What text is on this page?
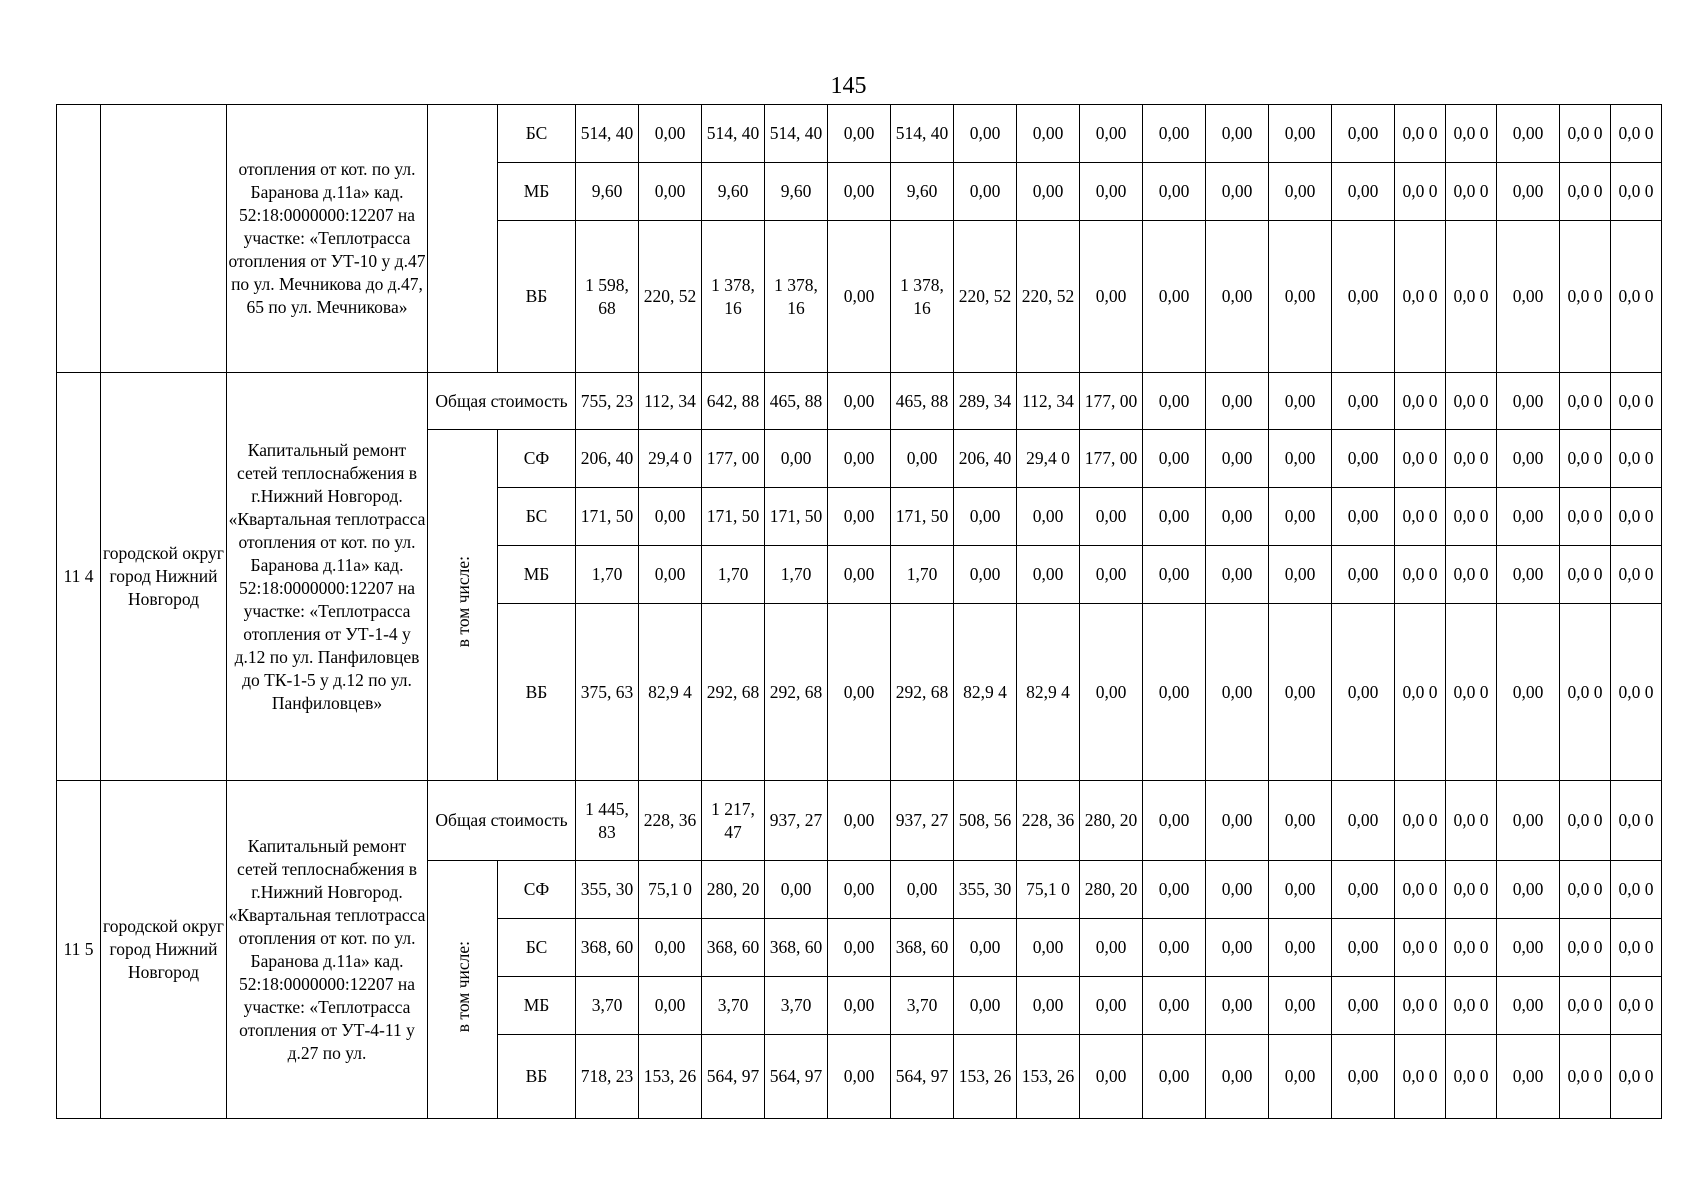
145
		отопления от кот. по ул. Баранова д.11а» кад. 52:18:0000000:12207 на участке: «Теплотрасса отопления от УТ-10 у д.47 по ул. Мечникова до д.47, 65 по ул. Мечникова»		БС	514, 40	0,00	514, 40	514, 40	0,00	514, 40	0,00	0,00	0,00	0,00	0,00	0,00	0,00	0,0 0	0,0 0	0,00	0,0 0	0,0 0
				МБ	9,60	0,00	9,60	9,60	0,00	9,60	0,00	0,00	0,00	0,00	0,00	0,00	0,00	0,0 0	0,0 0	0,00	0,0 0	0,0 0
				ВБ	1 598, 68	220, 52	1 378, 16	1 378, 16	0,00	1 378, 16	220, 52	220, 52	0,00	0,00	0,00	0,00	0,00	0,0 0	0,0 0	0,00	0,0 0	0,0 0
11 4	городской округ город Нижний Новгород	Капитальный ремонт сетей теплоснабжения в г.Нижний Новгород. «Квартальная теплотрасса отопления от кот. по ул. Баранова д.11а» кад. 52:18:0000000:12207 на участке: «Теплотрасса отопления от УТ-1-4 у д.12 по ул. Панфиловцев до ТК-1-5 у д.12 по ул. Панфиловцев»	Общая стоимость		755, 23	112, 34	642, 88	465, 88	0,00	465, 88	289, 34	112, 34	177, 00	0,00	0,00	0,00	0,00	0,0 0	0,0 0	0,00	0,0 0	0,0 0
			в том числе:	СФ	206, 40	29,4 0	177, 00	0,00	0,00	0,00	206, 40	29,4 0	177, 00	0,00	0,00	0,00	0,00	0,0 0	0,0 0	0,00	0,0 0	0,0 0
				БС	171, 50	0,00	171, 50	171, 50	0,00	171, 50	0,00	0,00	0,00	0,00	0,00	0,00	0,00	0,0 0	0,0 0	0,00	0,0 0	0,0 0
				МБ	1,70	0,00	1,70	1,70	0,00	1,70	0,00	0,00	0,00	0,00	0,00	0,00	0,00	0,0 0	0,0 0	0,00	0,0 0	0,0 0
				ВБ	375, 63	82,9 4	292, 68	292, 68	0,00	292, 68	82,9 4	82,9 4	0,00	0,00	0,00	0,00	0,00	0,0 0	0,0 0	0,00	0,0 0	0,0 0
11 5	городской округ город Нижний Новгород	Капитальный ремонт сетей теплоснабжения в г.Нижний Новгород. «Квартальная теплотрасса отопления от кот. по ул. Баранова д.11а» кад. 52:18:0000000:12207 на участке: «Теплотрасса отопления от УТ-4-11 у д.27 по ул.	Общая стоимость		1 445, 83	228, 36	1 217, 47	937, 27	0,00	937, 27	508, 56	228, 36	280, 20	0,00	0,00	0,00	0,00	0,0 0	0,0 0	0,00	0,0 0	0,0 0
			в том числе:	СФ	355, 30	75,1 0	280, 20	0,00	0,00	0,00	355, 30	75,1 0	280, 20	0,00	0,00	0,00	0,00	0,0 0	0,0 0	0,00	0,0 0	0,0 0
				БС	368, 60	0,00	368, 60	368, 60	0,00	368, 60	0,00	0,00	0,00	0,00	0,00	0,00	0,00	0,0 0	0,0 0	0,00	0,0 0	0,0 0
				МБ	3,70	0,00	3,70	3,70	0,00	3,70	0,00	0,00	0,00	0,00	0,00	0,00	0,00	0,0 0	0,0 0	0,00	0,0 0	0,0 0
				ВБ	718, 23	153, 26	564, 97	564, 97	0,00	564, 97	153, 26	153, 26	0,00	0,00	0,00	0,00	0,00	0,0 0	0,0 0	0,00	0,0 0	0,0 0
